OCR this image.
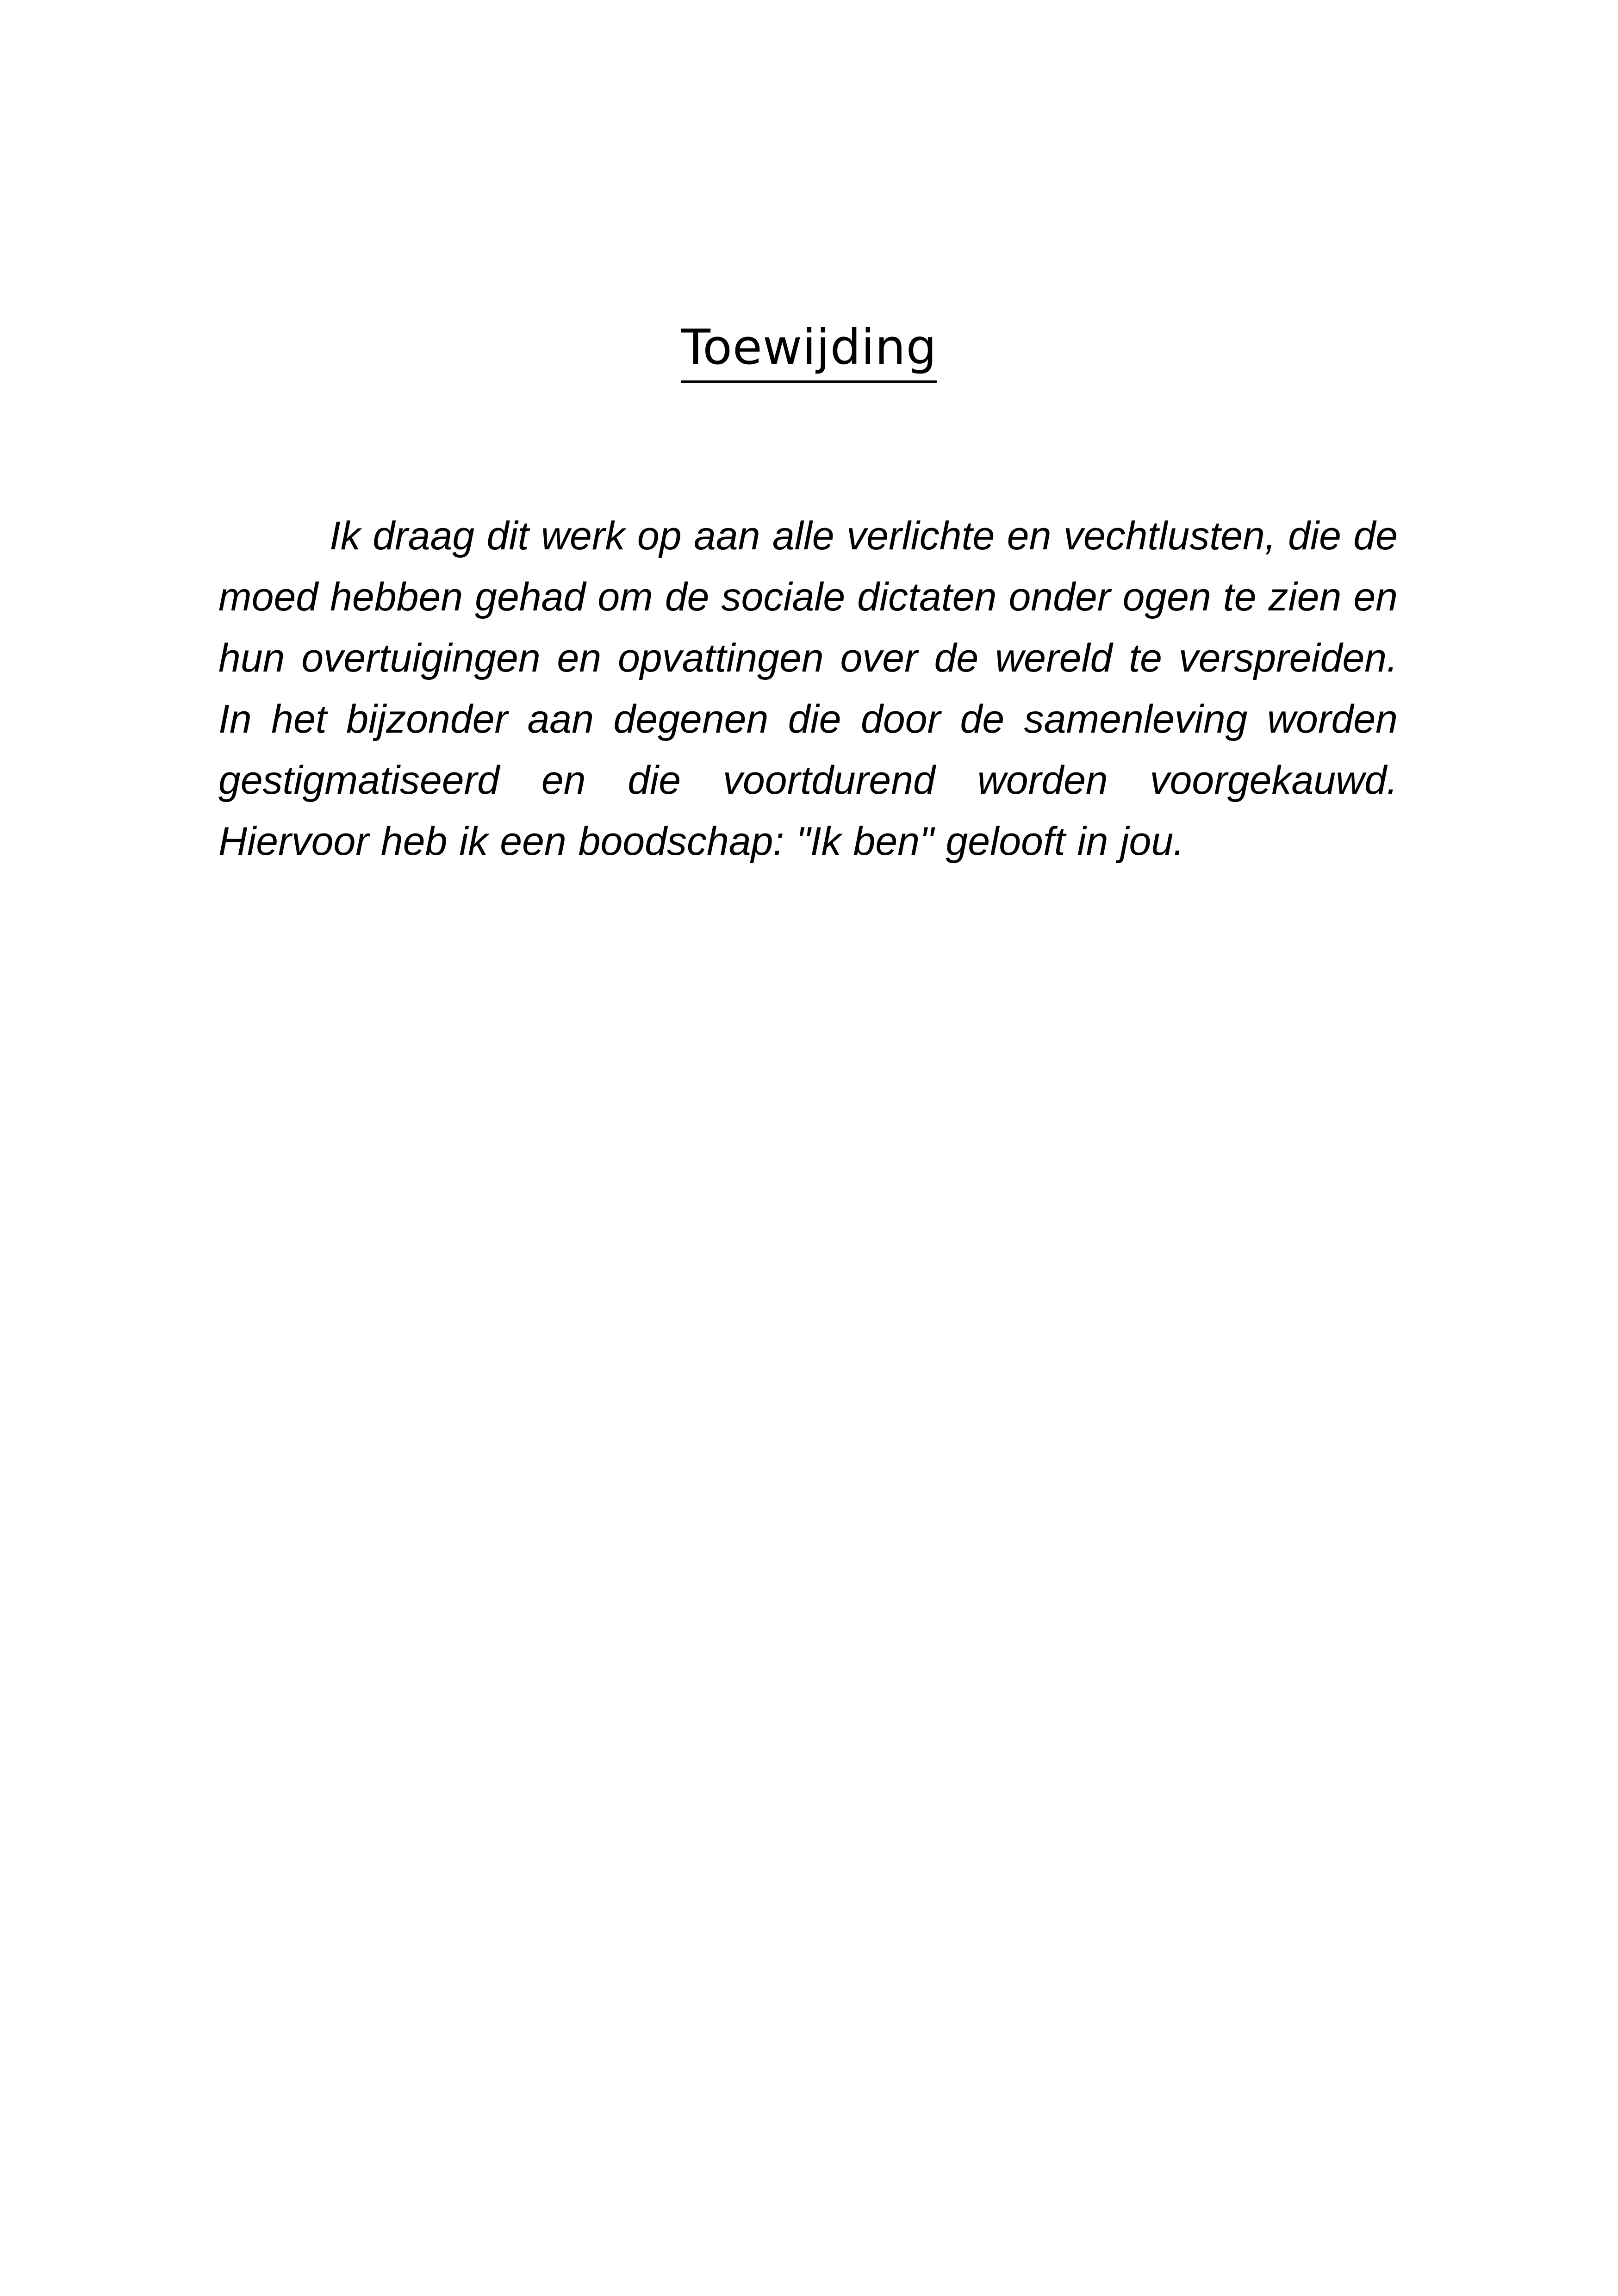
Toewijding

Ik draag dit werk op aan alle verlichte en vechtlusten, die de moed hebben gehad om de sociale dictaten onder ogen te zien en hun overtuigingen en opvattingen over de wereld te verspreiden. In het bijzonder aan degenen die door de samenleving worden gestigmatiseerd en die voortdurend worden voorgekauwd. Hiervoor heb ik een boodschap: "Ik ben" gelooft in jou.
